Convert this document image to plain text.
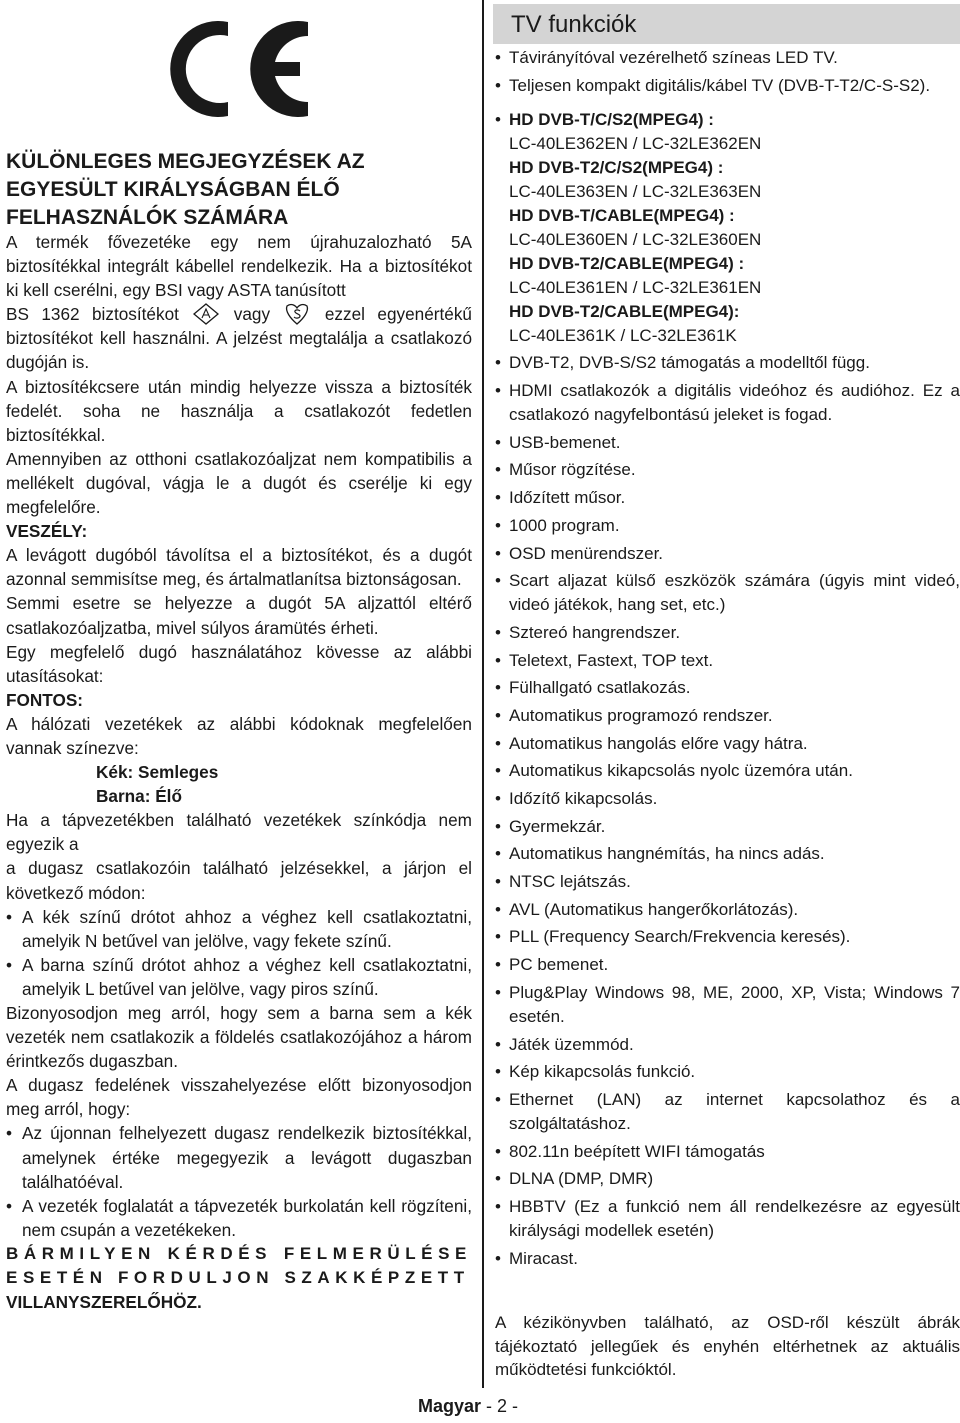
KÜLÖNLEGES MEGJEGYZÉSEK AZ EGYESÜLT KIRÁLYSÁGBAN ÉLŐ FELHASZNÁLÓK SZÁMÁRA

A termék fővezetéke egy nem újrahuzalozható 5A biztosítékkal integrált kábellel rendelkezik. Ha a biztosítékot ki kell cserélni, egy BSI vagy ASTA tanúsított

BS 1362 biztosítékot	vagy	ezzel egyenértékű biztosítékot kell használni. A jelzést megtalálja a csatlakozó dugóján is.

A biztosítékcsere után mindig helyezze vissza a biztosíték fedelét. soha ne használja a csatlakozót fedetlen biztosítékkal.

Amennyiben az otthoni csatlakozóaljzat nem kompatibilis a mellékelt dugóval, vágja le a dugót és cserélje ki egy megfelelőre.

VESZÉLY:

A levágott dugóból távolítsa el a biztosítékot, és a dugót azonnal semmisítse meg, és ártalmatlanítsa biztonságosan.

Semmi esetre se helyezze a dugót 5A aljzattól eltérő csatlakozóaljzatba, mivel súlyos áramütés érheti.

Egy megfelelő dugó használatához kövesse az alábbi utasításokat:

FONTOS:

A hálózati vezetékek az alábbi kódoknak megfelelően vannak színezve:

Kék: Semleges

Barna: Élő

Ha a tápvezetékben található vezetékek színkódja nem egyezik a

a dugasz csatlakozóin található jelzésekkel, a járjon el következő módon:

• A kék színű drótot ahhoz a véghez kell csatlakoztatni, amelyik N betűvel van jelölve, vagy fekete színű.

• A barna színű drótot ahhoz a véghez kell csatlakoztatni, amelyik L betűvel van jelölve, vagy piros színű.

Bizonyosodjon meg arról, hogy sem a barna sem a kék vezeték nem csatlakozik a földelés csatlakozójához a három érintkezős dugaszban.

A dugasz fedelének visszahelyezése előtt bizonyosodjon meg arról, hogy:

• Az újonnan felhelyezett dugasz rendelkezik biztosítékkal, amelynek értéke megegyezik a levágott dugaszban találhatóéval.

• A vezeték foglalatát a tápvezeték burkolatán kell rögzíteni, nem csupán a vezetékeken.

BÁRMILYEN KÉRDÉS FELMERÜLÉSE ESETÉN FORDULJON SZAKKÉPZETT

VILLANYSZERELŐHÖZ.

TV funkciók
• Távirányítóval vezérelhető színeas LED TV.
• Teljesen kompakt digitális/kábel TV (DVB-T-T2/C-S-S2).
• HD DVB-T/C/S2(MPEG4) :
LC-40LE362EN / LC-32LE362EN
HD DVB-T2/C/S2(MPEG4) :
LC-40LE363EN / LC-32LE363EN
HD DVB-T/CABLE(MPEG4) :
LC-40LE360EN / LC-32LE360EN
HD DVB-T2/CABLE(MPEG4) :
LC-40LE361EN / LC-32LE361EN
HD DVB-T2/CABLE(MPEG4):
LC-40LE361K / LC-32LE361K
• DVB-T2, DVB-S/S2 támogatás a modelltől függ.
• HDMI csatlakozók a digitális videóhoz és audióhoz. Ez a csatlakozó nagyfelbontású jeleket is fogad.
• USB-bemenet.
• Műsor rögzítése.
• Időzített műsor.
• 1000 program.
• OSD menürendszer.
• Scart aljazat külső eszközök számára (úgyis mint videó, videó játékok, hang set, etc.)
• Sztereó hangrendszer.
• Teletext, Fastext, TOP text.
• Fülhallgató csatlakozás.
• Automatikus programozó rendszer.
• Automatikus hangolás előre vagy hátra.
• Automatikus kikapcsolás nyolc üzemóra után.
• Időzítő kikapcsolás.
• Gyermekzár.
• Automatikus hangnémítás, ha nincs adás.
• NTSC lejátszás.
• AVL (Automatikus hangerőkorlátozás).
• PLL (Frequency Search/Frekvencia keresés).
• PC bemenet.
• Plug&Play Windows 98, ME, 2000, XP, Vista; Windows 7 esetén.
• Játék üzemmód.
• Kép kikapcsolás funkció.
• Ethernet (LAN) az internet kapcsolathoz és a szolgáltatáshoz.
• 802.11n beépített WIFI támogatás
• DLNA (DMP, DMR)
• HBBTV (Ez a funkció nem áll rendelkezésre az egyesült királysági modellek esetén)
• Miracast.

A kézikönyvben található, az OSD-ről készült ábrák tájékoztató jellegűek és enyhén eltérhetnek az aktuális működtetési funkcióktól.

Magyar - 2 -
